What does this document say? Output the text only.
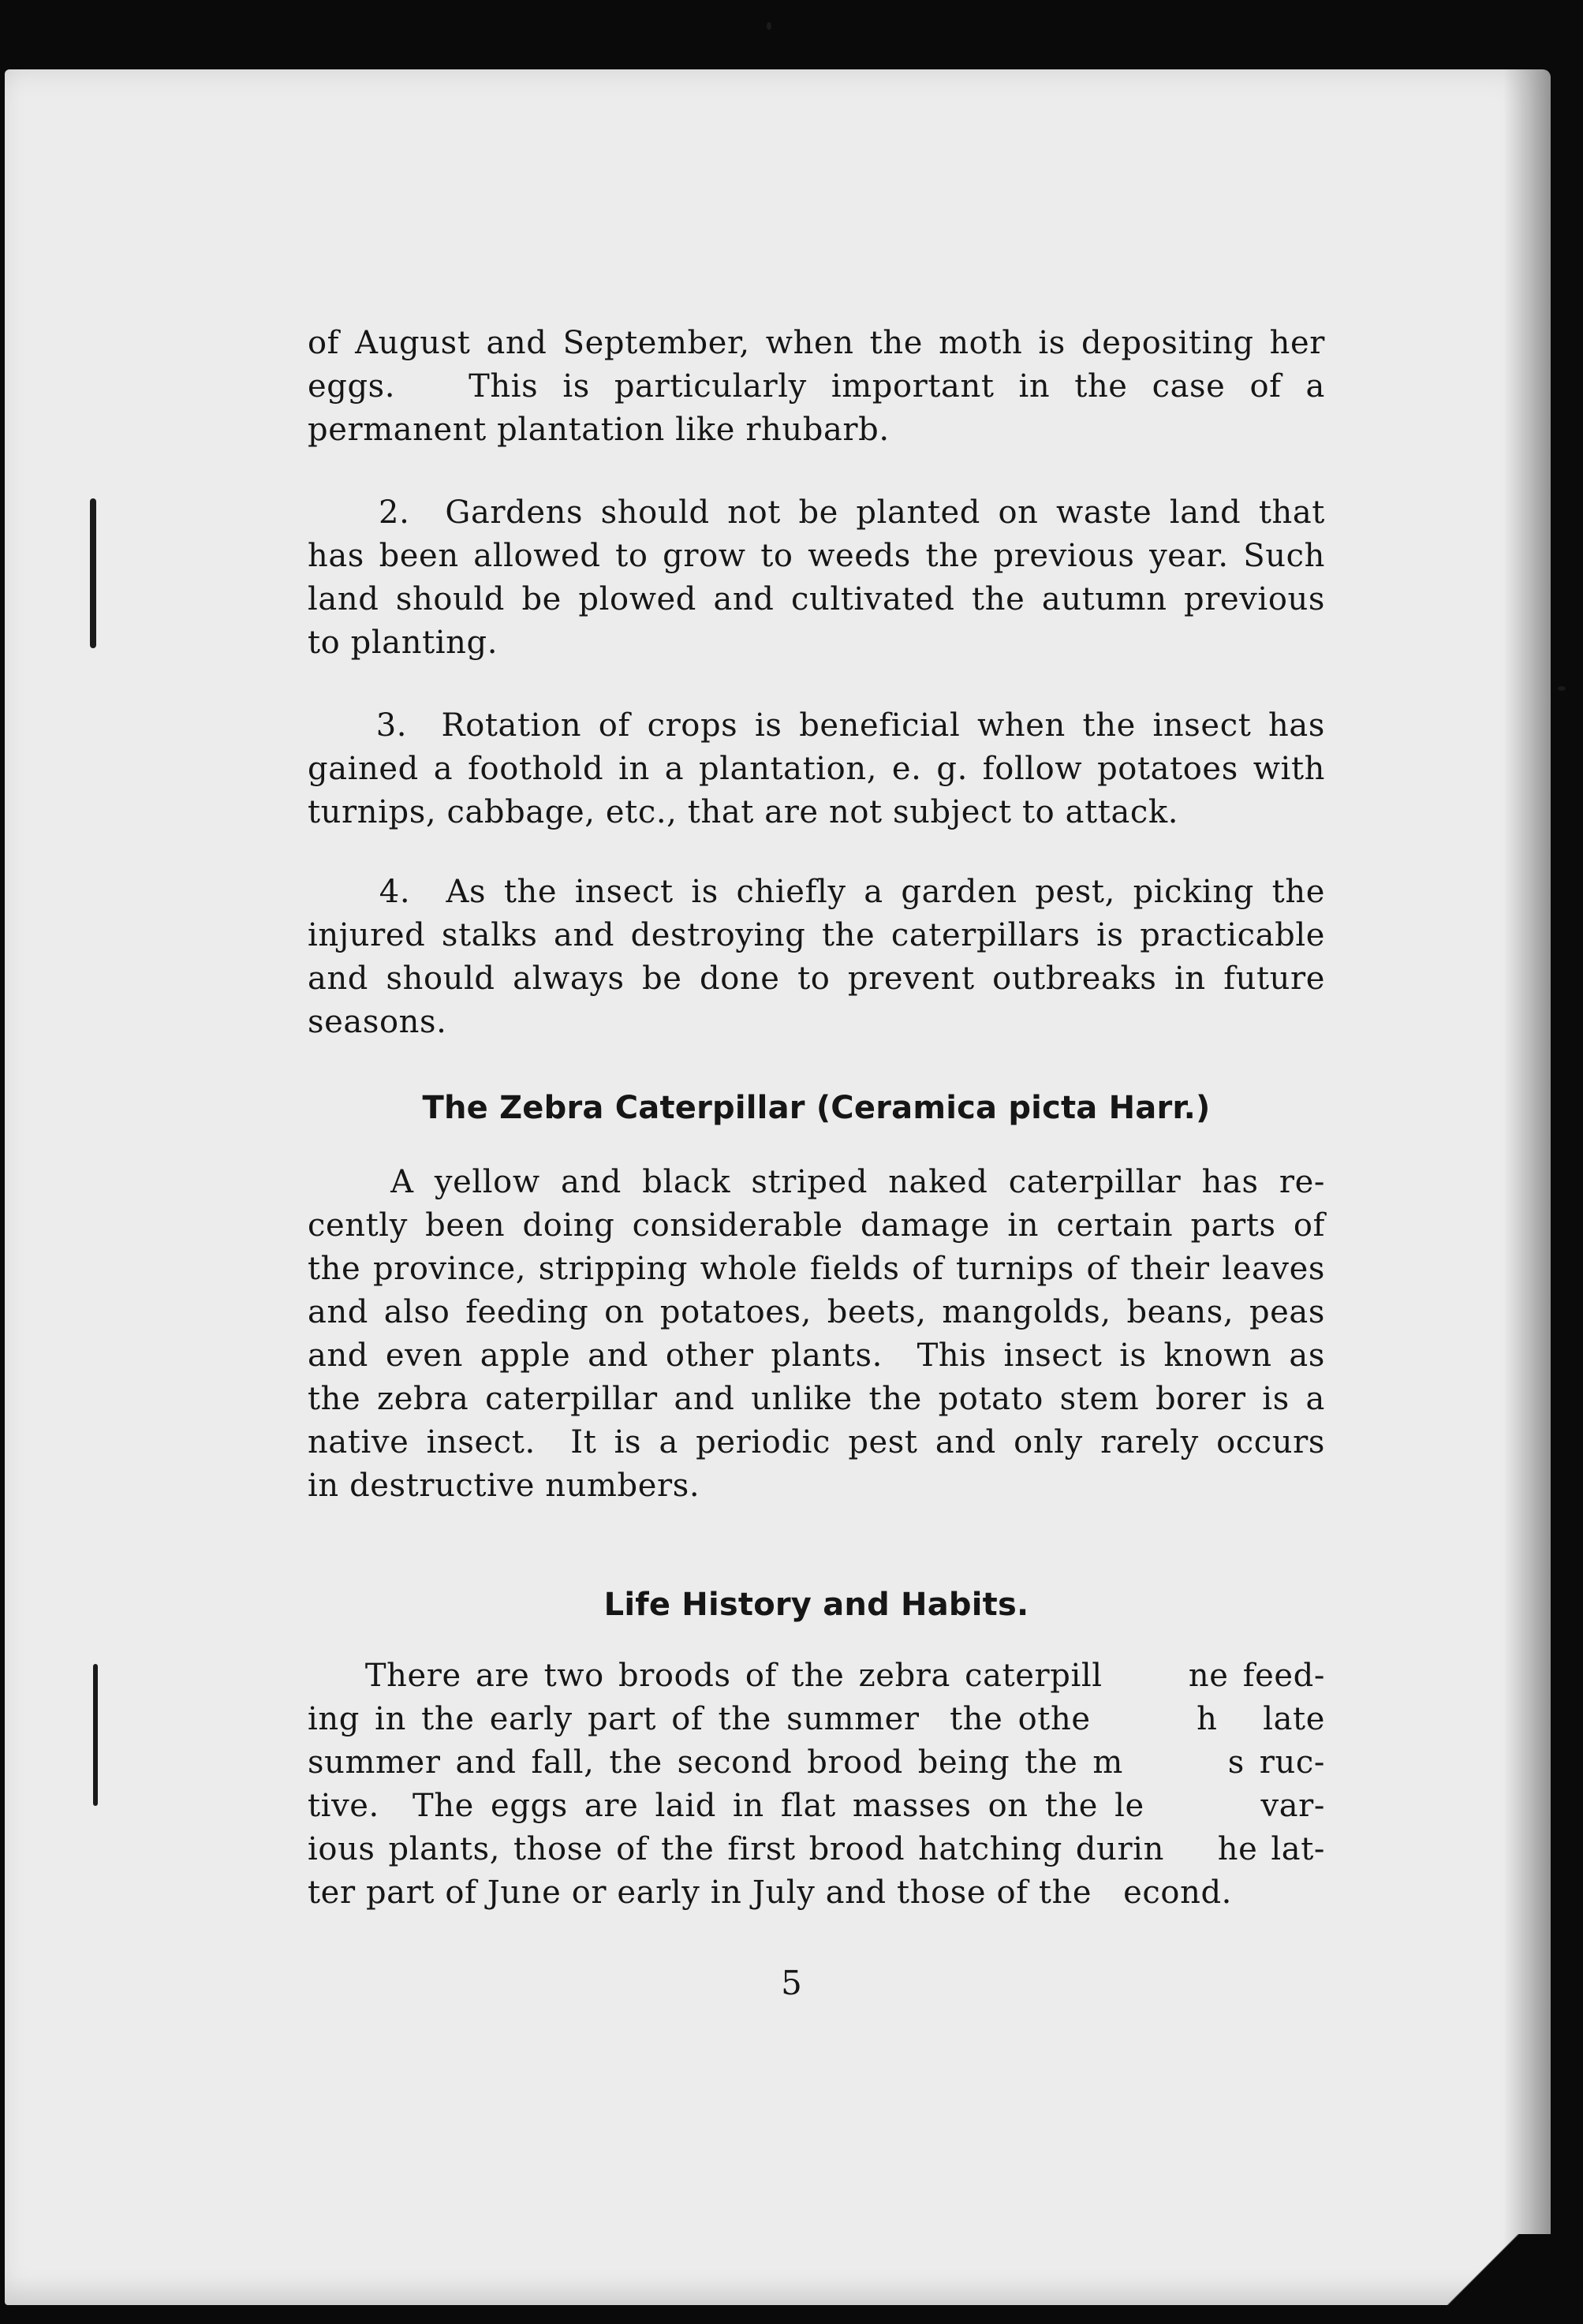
of August and September, when the moth is depositing her
eggs.   This is particularly important in the case of a
permanent plantation like rhubarb.
2.  Gardens should not be planted on waste land that
has been allowed to grow to weeds the previous year. Such
land should be plowed and cultivated the autumn previous
to planting.
3.  Rotation of crops is beneficial when the insect has
gained a foothold in a plantation, e. g. follow potatoes with
turnips, cabbage, etc., that are not subject to attack.
4.  As the insect is chiefly a garden pest, picking the
injured stalks and destroying the caterpillars is practicable
and should always be done to prevent outbreaks in future
seasons.
The Zebra Caterpillar (Ceramica picta Harr.)
A yellow and black striped naked caterpillar has re-
cently been doing considerable damage in certain parts of
the province, stripping whole fields of turnips of their leaves
and also feeding on potatoes, beets, mangolds, beans, peas
and even apple and other plants.  This insect is known as
the zebra caterpillar and unlike the potato stem borer is a
native insect.  It is a periodic pest and only rarely occurs
in destructive numbers.
Life History and Habits.
There are two broods of the zebra caterpill      ne feed-
ing in the early part of the summer  the othe       h   late
summer and fall, the second brood being the m       s ruc-
tive.  The eggs are laid in flat masses on the le       var-
ious plants, those of the first brood hatching durin    he lat-
ter part of June or early in July and those of the   econd.
5
